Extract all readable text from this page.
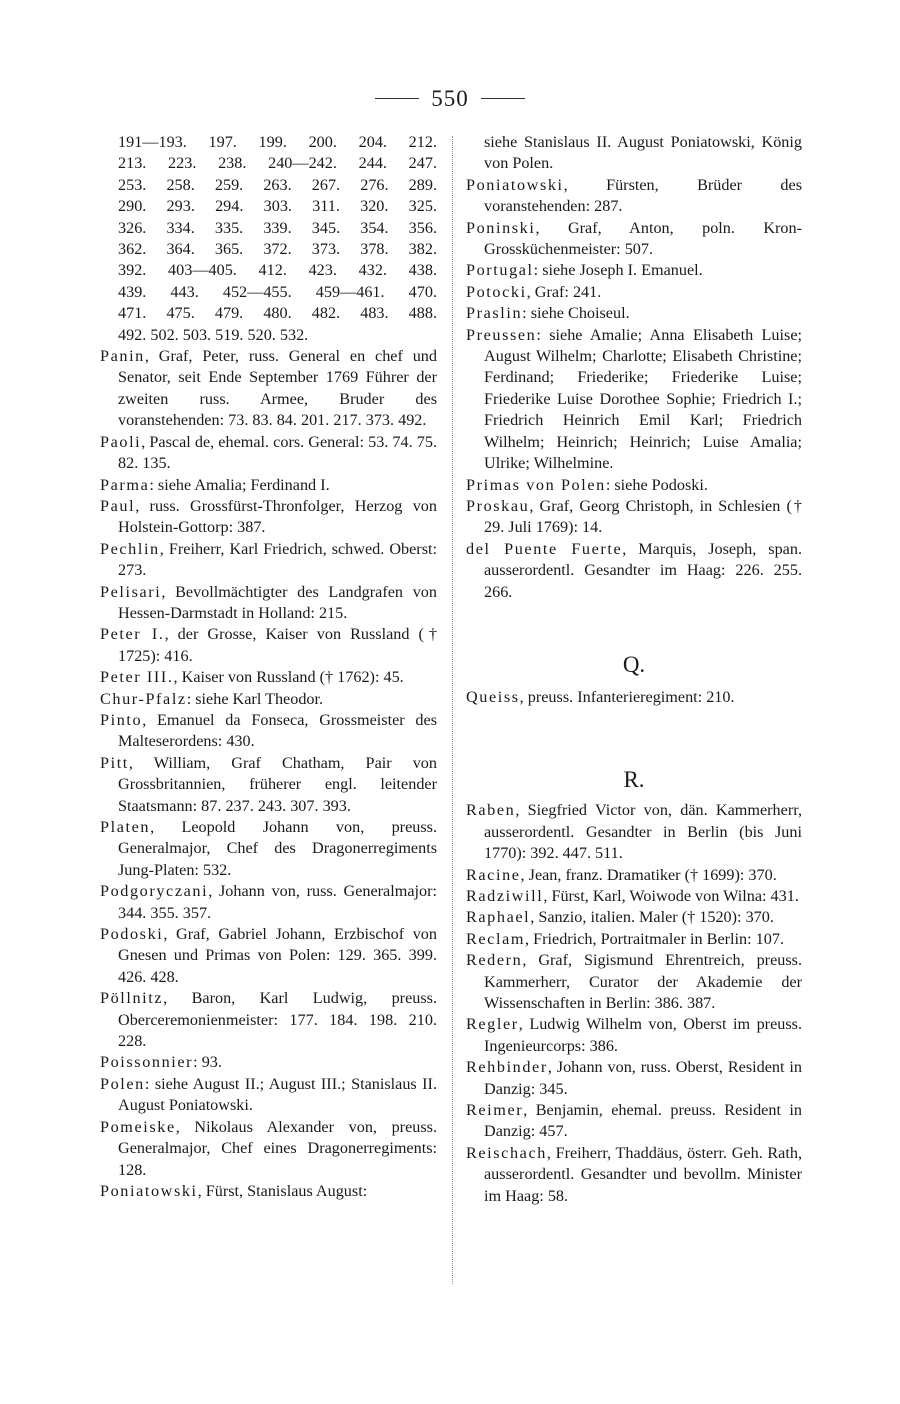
550
191—193. 197. 199. 200. 204. 212.
213. 223. 238. 240—242. 244. 247.
253. 258. 259. 263. 267. 276. 289.
290. 293. 294. 303. 311. 320. 325.
326. 334. 335. 339. 345. 354. 356.
362. 364. 365. 372. 373. 378. 382.
392. 403—405. 412. 423. 432. 438.
439. 443. 452—455. 459—461. 470.
471. 475. 479. 480. 482. 483. 488.
492. 502. 503. 519. 520. 532.
Panin, Graf, Peter, russ. General en chef und Senator, seit Ende September 1769 Führer der zweiten russ. Armee, Bruder des voranstehenden: 73. 83. 84. 201. 217. 373. 492.
Paoli, Pascal de, ehemal. cors. General: 53. 74. 75. 82. 135.
Parma: siehe Amalia; Ferdinand I.
Paul, russ. Grossfürst-Thronfolger, Herzog von Holstein-Gottorp: 387.
Pechlin, Freiherr, Karl Friedrich, schwed. Oberst: 273.
Pelisari, Bevollmächtigter des Landgrafen von Hessen-Darmstadt in Holland: 215.
Peter I., der Grosse, Kaiser von Russland († 1725): 416.
Peter III., Kaiser von Russland († 1762): 45.
Chur-Pfalz: siehe Karl Theodor.
Pinto, Emanuel da Fonseca, Grossmeister des Malteserordens: 430.
Pitt, William, Graf Chatham, Pair von Grossbritannien, früherer engl. leitender Staatsmann: 87. 237. 243. 307. 393.
Platen, Leopold Johann von, preuss. Generalmajor, Chef des Dragonerregiments Jung-Platen: 532.
Podgoryczani, Johann von, russ. Generalmajor: 344. 355. 357.
Podoski, Graf, Gabriel Johann, Erzbischof von Gnesen und Primas von Polen: 129. 365. 399. 426. 428.
Pöllnitz, Baron, Karl Ludwig, preuss. Oberceremonienmeister: 177. 184. 198. 210. 228.
Poissonnier: 93.
Polen: siehe August II.; August III.; Stanislaus II. August Poniatowski.
Pomeiske, Nikolaus Alexander von, preuss. Generalmajor, Chef eines Dragonerregiments: 128.
Poniatowski, Fürst, Stanislaus August:
siehe Stanislaus II. August Poniatowski, König von Polen.
Poniatowski, Fürsten, Brüder des voranstehenden: 287.
Poninski, Graf, Anton, poln. Kron-Grossküchenmeister: 507.
Portugal: siehe Joseph I. Emanuel.
Potocki, Graf: 241.
Praslin: siehe Choiseul.
Preussen: siehe Amalie; Anna Elisabeth Luise; August Wilhelm; Charlotte; Elisabeth Christine; Ferdinand; Friederike; Friederike Luise; Friederike Luise Dorothee Sophie; Friedrich I.; Friedrich Heinrich Emil Karl; Friedrich Wilhelm; Heinrich; Heinrich; Luise Amalia; Ulrike; Wilhelmine.
Primas von Polen: siehe Podoski.
Proskau, Graf, Georg Christoph, in Schlesien († 29. Juli 1769): 14.
del Puente Fuerte, Marquis, Joseph, span. ausserordentl. Gesandter im Haag: 226. 255. 266.
Q.
Queiss, preuss. Infanterieregiment: 210.
R.
Raben, Siegfried Victor von, dän. Kammerherr, ausserordentl. Gesandter in Berlin (bis Juni 1770): 392. 447. 511.
Racine, Jean, franz. Dramatiker († 1699): 370.
Radziwill, Fürst, Karl, Woiwode von Wilna: 431.
Raphael, Sanzio, italien. Maler († 1520): 370.
Reclam, Friedrich, Portraitmaler in Berlin: 107.
Redern, Graf, Sigismund Ehrentreich, preuss. Kammerherr, Curator der Akademie der Wissenschaften in Berlin: 386. 387.
Regler, Ludwig Wilhelm von, Oberst im preuss. Ingenieurcorps: 386.
Rehbinder, Johann von, russ. Oberst, Resident in Danzig: 345.
Reimer, Benjamin, ehemal. preuss. Resident in Danzig: 457.
Reischach, Freiherr, Thaddäus, österr. Geh. Rath, ausserordentl. Gesandter und bevollm. Minister im Haag: 58.
